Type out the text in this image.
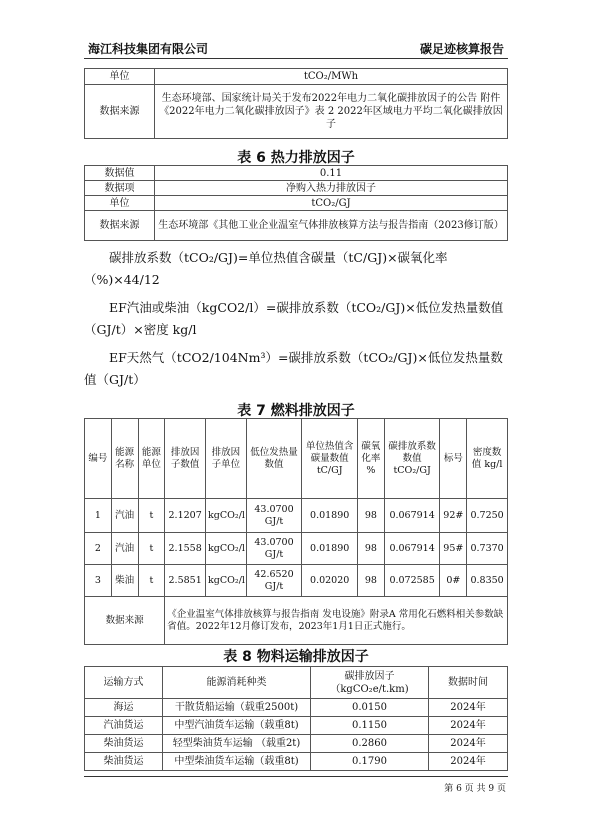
海江科技集团有限公司	碳足迹核算报告
单位	tCO₂/MWh
数据来源	生态环境部、国家统计局关于发布2022年电力二氧化碳排放因子的公告 附件《2022年电力二氧化碳排放因子》表 2 2022年区域电力平均二氧化碳排放因子
表 6 热力排放因子
数据值	0.11
数据项	净购入热力排放因子
单位	tCO₂/GJ
数据来源	生态环境部《其他工业企业温室气体排放核算方法与报告指南（2023修订版）
碳排放系数（tCO₂/GJ)=单位热值含碳量（tC/GJ)×碳氧化率（%)×44/12
EF汽油或柴油（kgCO2/l）=碳排放系数（tCO₂/GJ)×低位发热量数值（GJ/t）×密度 kg/l
EF天然气（tCO2/104Nm³）=碳排放系数（tCO₂/GJ)×低位发热量数值（GJ/t）
表 7 燃料排放因子
编号	能源名称	能源单位	排放因子数值	排放因子单位	低位发热量数值	单位热值含碳量数值 tC/GJ	碳氧化率 %	碳排放系数数值 tCO₂/GJ	标号	密度数值 kg/l
1	汽油	t	2.1207	kgCO₂/l	43.0700 GJ/t	0.01890	98	0.067914	92#	0.7250
2	汽油	t	2.1558	kgCO₂/l	43.0700 GJ/t	0.01890	98	0.067914	95#	0.7370
3	柴油	t	2.5851	kgCO₂/l	42.6520 GJ/t	0.02020	98	0.072585	0#	0.8350
数据来源			《企业温室气体排放核算与报告指南 发电设施》附录A 常用化石燃料相关参数缺省值。2022年12月修订发布，2023年1月1日正式施行。							
表 8 物料运输排放因子
运输方式	能源消耗种类	碳排放因子（kgCO₂e/t.km)	数据时间
海运	干散货船运输（载重2500t)	0.0150	2024年
汽油货运	中型汽油货车运输（载重8t)	0.1150	2024年
柴油货运	轻型柴油货车运输 （载重2t)	0.2860	2024年
柴油货运	中型柴油货车运输（载重8t)	0.1790	2024年
第 6 页 共 9 页
